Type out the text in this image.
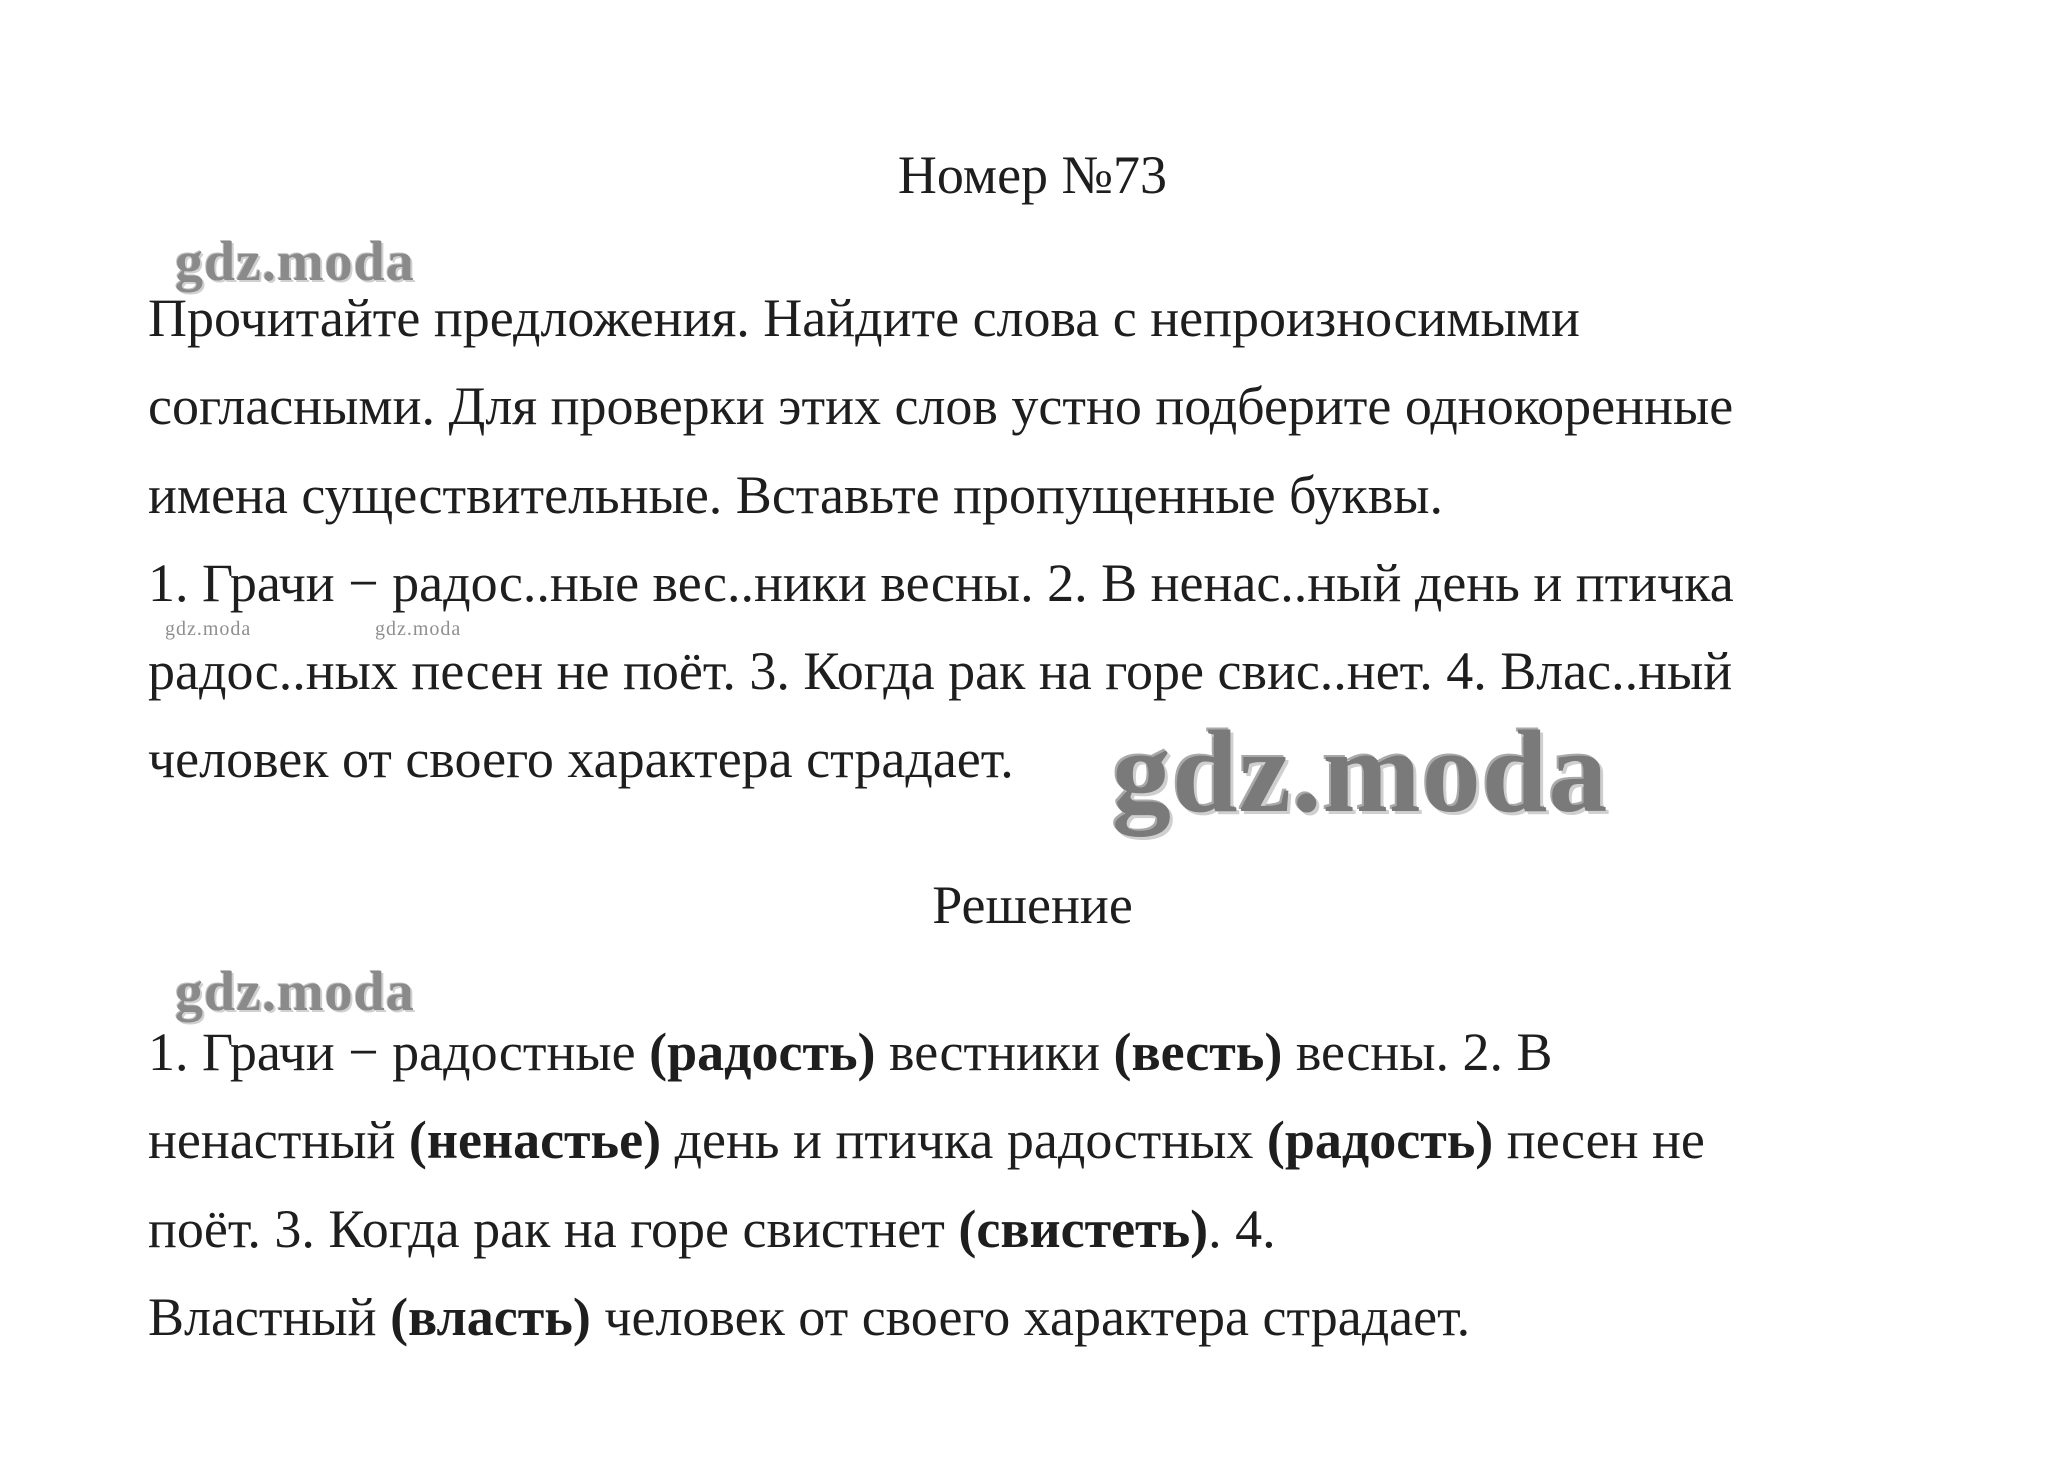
Номер №73
gdz.moda
Прочитайте предложения. Найдите слова с непроизносимыми
согласными. Для проверки этих слов устно подберите однокоренные
имена существительные. Вставьте пропущенные буквы.
1. Грачи − радос..ные вес..ники весны. 2. В ненас..ный день и птичка
gdz.moda	gdz.moda
радос..ных песен не поёт. 3. Когда рак на горе свис..нет. 4. Влас..ный
человек от своего характера страдает. gdz.moda
Решение
gdz.moda
1. Грачи − радостные (радость) вестники (весть) весны. 2. В
ненастный (ненастье) день и птичка радостных (радость) песен не
поёт. 3. Когда рак на горе свистнет (свистеть). 4.
Властный (власть) человек от своего характера страдает.
